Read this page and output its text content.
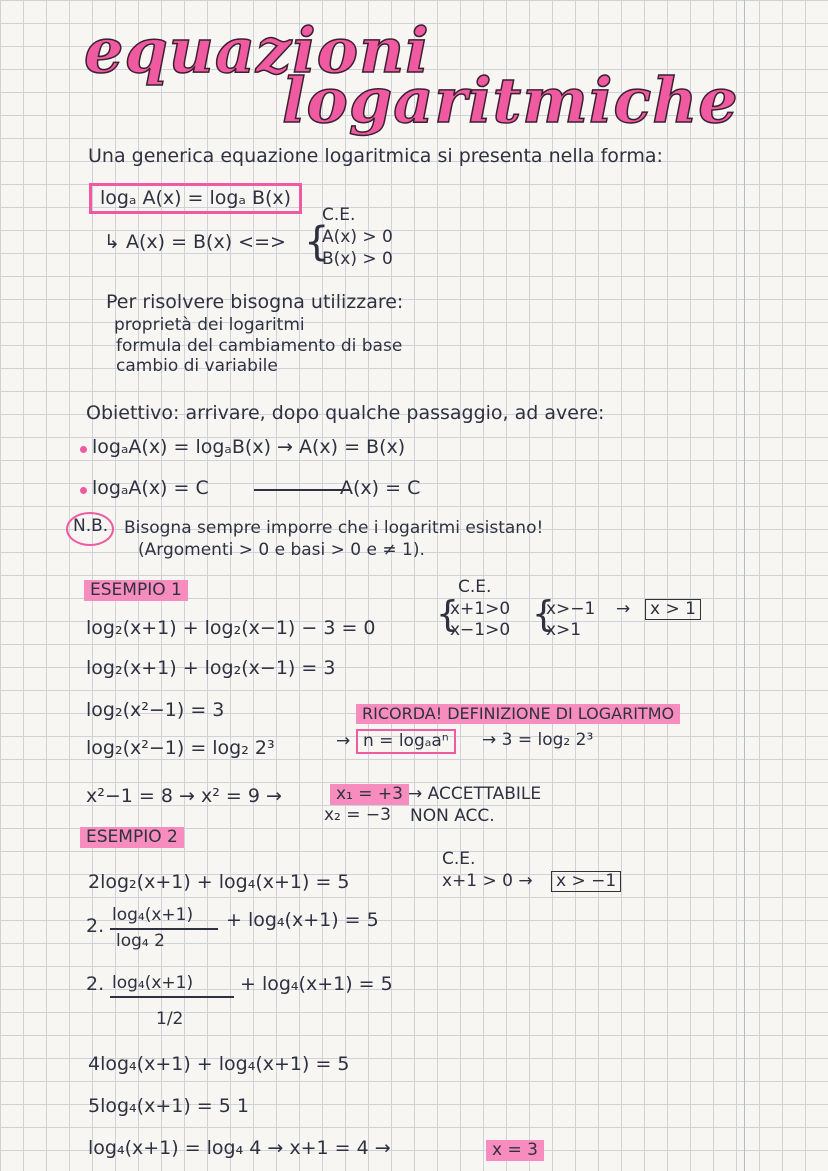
equazioni
logaritmiche
Una generica equazione logaritmica si presenta nella forma:
logₐ A(x) = logₐ B(x)
C.E.
↳ A(x) = B(x) <=> {
A(x) > 0
B(x) > 0
Per risolvere bisogna utilizzare:
proprietà dei logaritmi
formula del cambiamento di base
cambio di variabile
Obiettivo: arrivare, dopo qualche passaggio, ad avere:
logₐA(x) = logₐB(x) → A(x) = B(x)
logₐA(x) = C	A(x) = C
N.B. Bisogna sempre imporre che i logaritmi esistano!
(Argomenti > 0 e basi > 0 e ≠ 1).
ESEMPIO 1	C.E.
{
x+1>0
x−1>0 {
x>−1
x>1
→ x > 1
log₂(x+1) + log₂(x−1) − 3 = 0
log₂(x+1) + log₂(x−1) = 3
log₂(x²−1) = 3
log₂(x²−1) = log₂ 2³
RICORDA! DEFINIZIONE DI LOGARITMO
→ n = logₐaⁿ → 3 = log₂ 2³
x²−1 = 8 → x² = 9 →	x₁ = +3 → ACCETTABILE
x₂ = −3 NON ACC.
ESEMPIO 2
C.E.
x+1 > 0 → x > −1
2log₂(x+1) + log₄(x+1) = 5
2. log₄(x+1)
log₄ 2
+ log₄(x+1) = 5
2. log₄(x+1)
1/2
+ log₄(x+1) = 5
4log₄(x+1) + log₄(x+1) = 5
5log₄(x+1) = 5 1
log₄(x+1) = log₄ 4 → x+1 = 4 →	x = 3
